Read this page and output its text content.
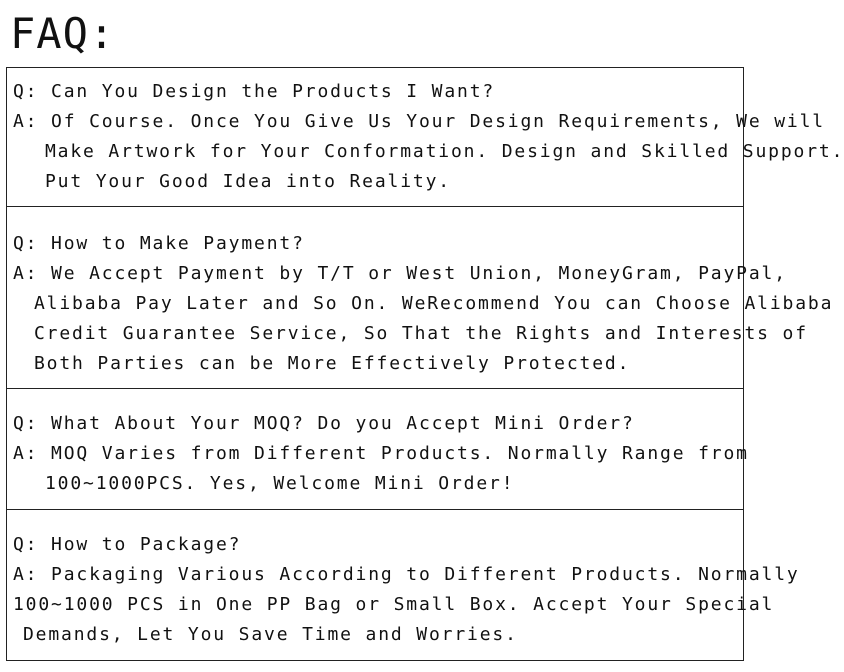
FAQ:
Q: Can You Design the Products I Want?
A: Of Course. Once You Give Us Your Design Requirements, We will
Make Artwork for Your Conformation. Design and Skilled Support.
Put Your Good Idea into Reality.
Q: How to Make Payment?
A: We Accept Payment by T/T or West Union, MoneyGram, PayPal,
Alibaba Pay Later and So On. WeRecommend You can Choose Alibaba
Credit Guarantee Service, So That the Rights and Interests of
Both Parties can be More Effectively Protected.
Q: What About Your MOQ? Do you Accept Mini Order?
A: MOQ Varies from Different Products. Normally Range from
100~1000PCS. Yes, Welcome Mini Order!
Q: How to Package?
A: Packaging Various According to Different Products. Normally
100~1000 PCS in One PP Bag or Small Box. Accept Your Special
Demands, Let You Save Time and Worries.
